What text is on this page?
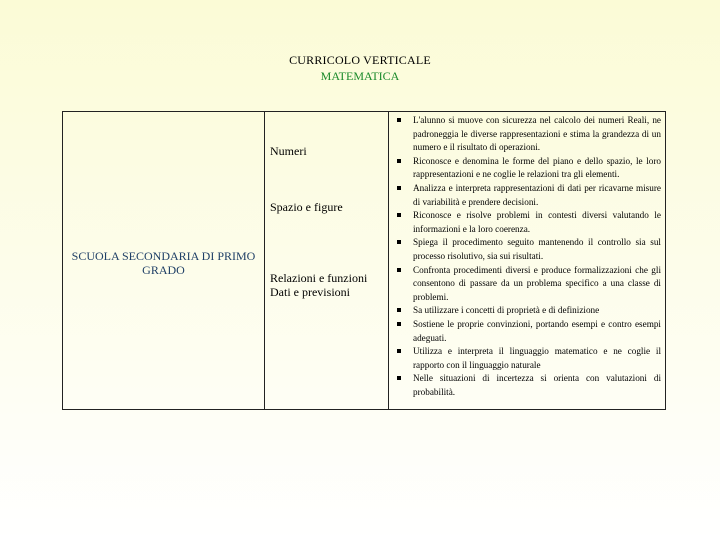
CURRICOLO VERTICALE
MATEMATICA
SCUOLA SECONDARIA DI PRIMO GRADO
Numeri
Spazio e figure
Relazioni e funzioni
Dati e previsioni
L'alunno si muove con sicurezza nel calcolo dei numeri Reali, ne padroneggia le diverse rappresentazioni e stima la grandezza di un numero e il risultato di operazioni.
Riconosce e denomina le forme del piano e dello spazio, le loro rappresentazioni e ne coglie le relazioni tra gli elementi.
Analizza e interpreta rappresentazioni di dati per ricavarne misure di variabilità e prendere decisioni.
Riconosce e risolve problemi in contesti diversi valutando le informazioni e la loro coerenza.
Spiega il procedimento seguito mantenendo il controllo sia sul processo risolutivo, sia sui risultati.
Confronta procedimenti diversi e produce formalizzazioni che gli consentono di passare da un problema specifico a una classe di problemi.
Sa utilizzare i concetti di proprietà e di definizione
Sostiene le proprie convinzioni, portando esempi e contro esempi adeguati.
Utilizza e interpreta il linguaggio matematico e ne coglie il rapporto con il linguaggio naturale
Nelle situazioni di incertezza si orienta con valutazioni di probabilità.
